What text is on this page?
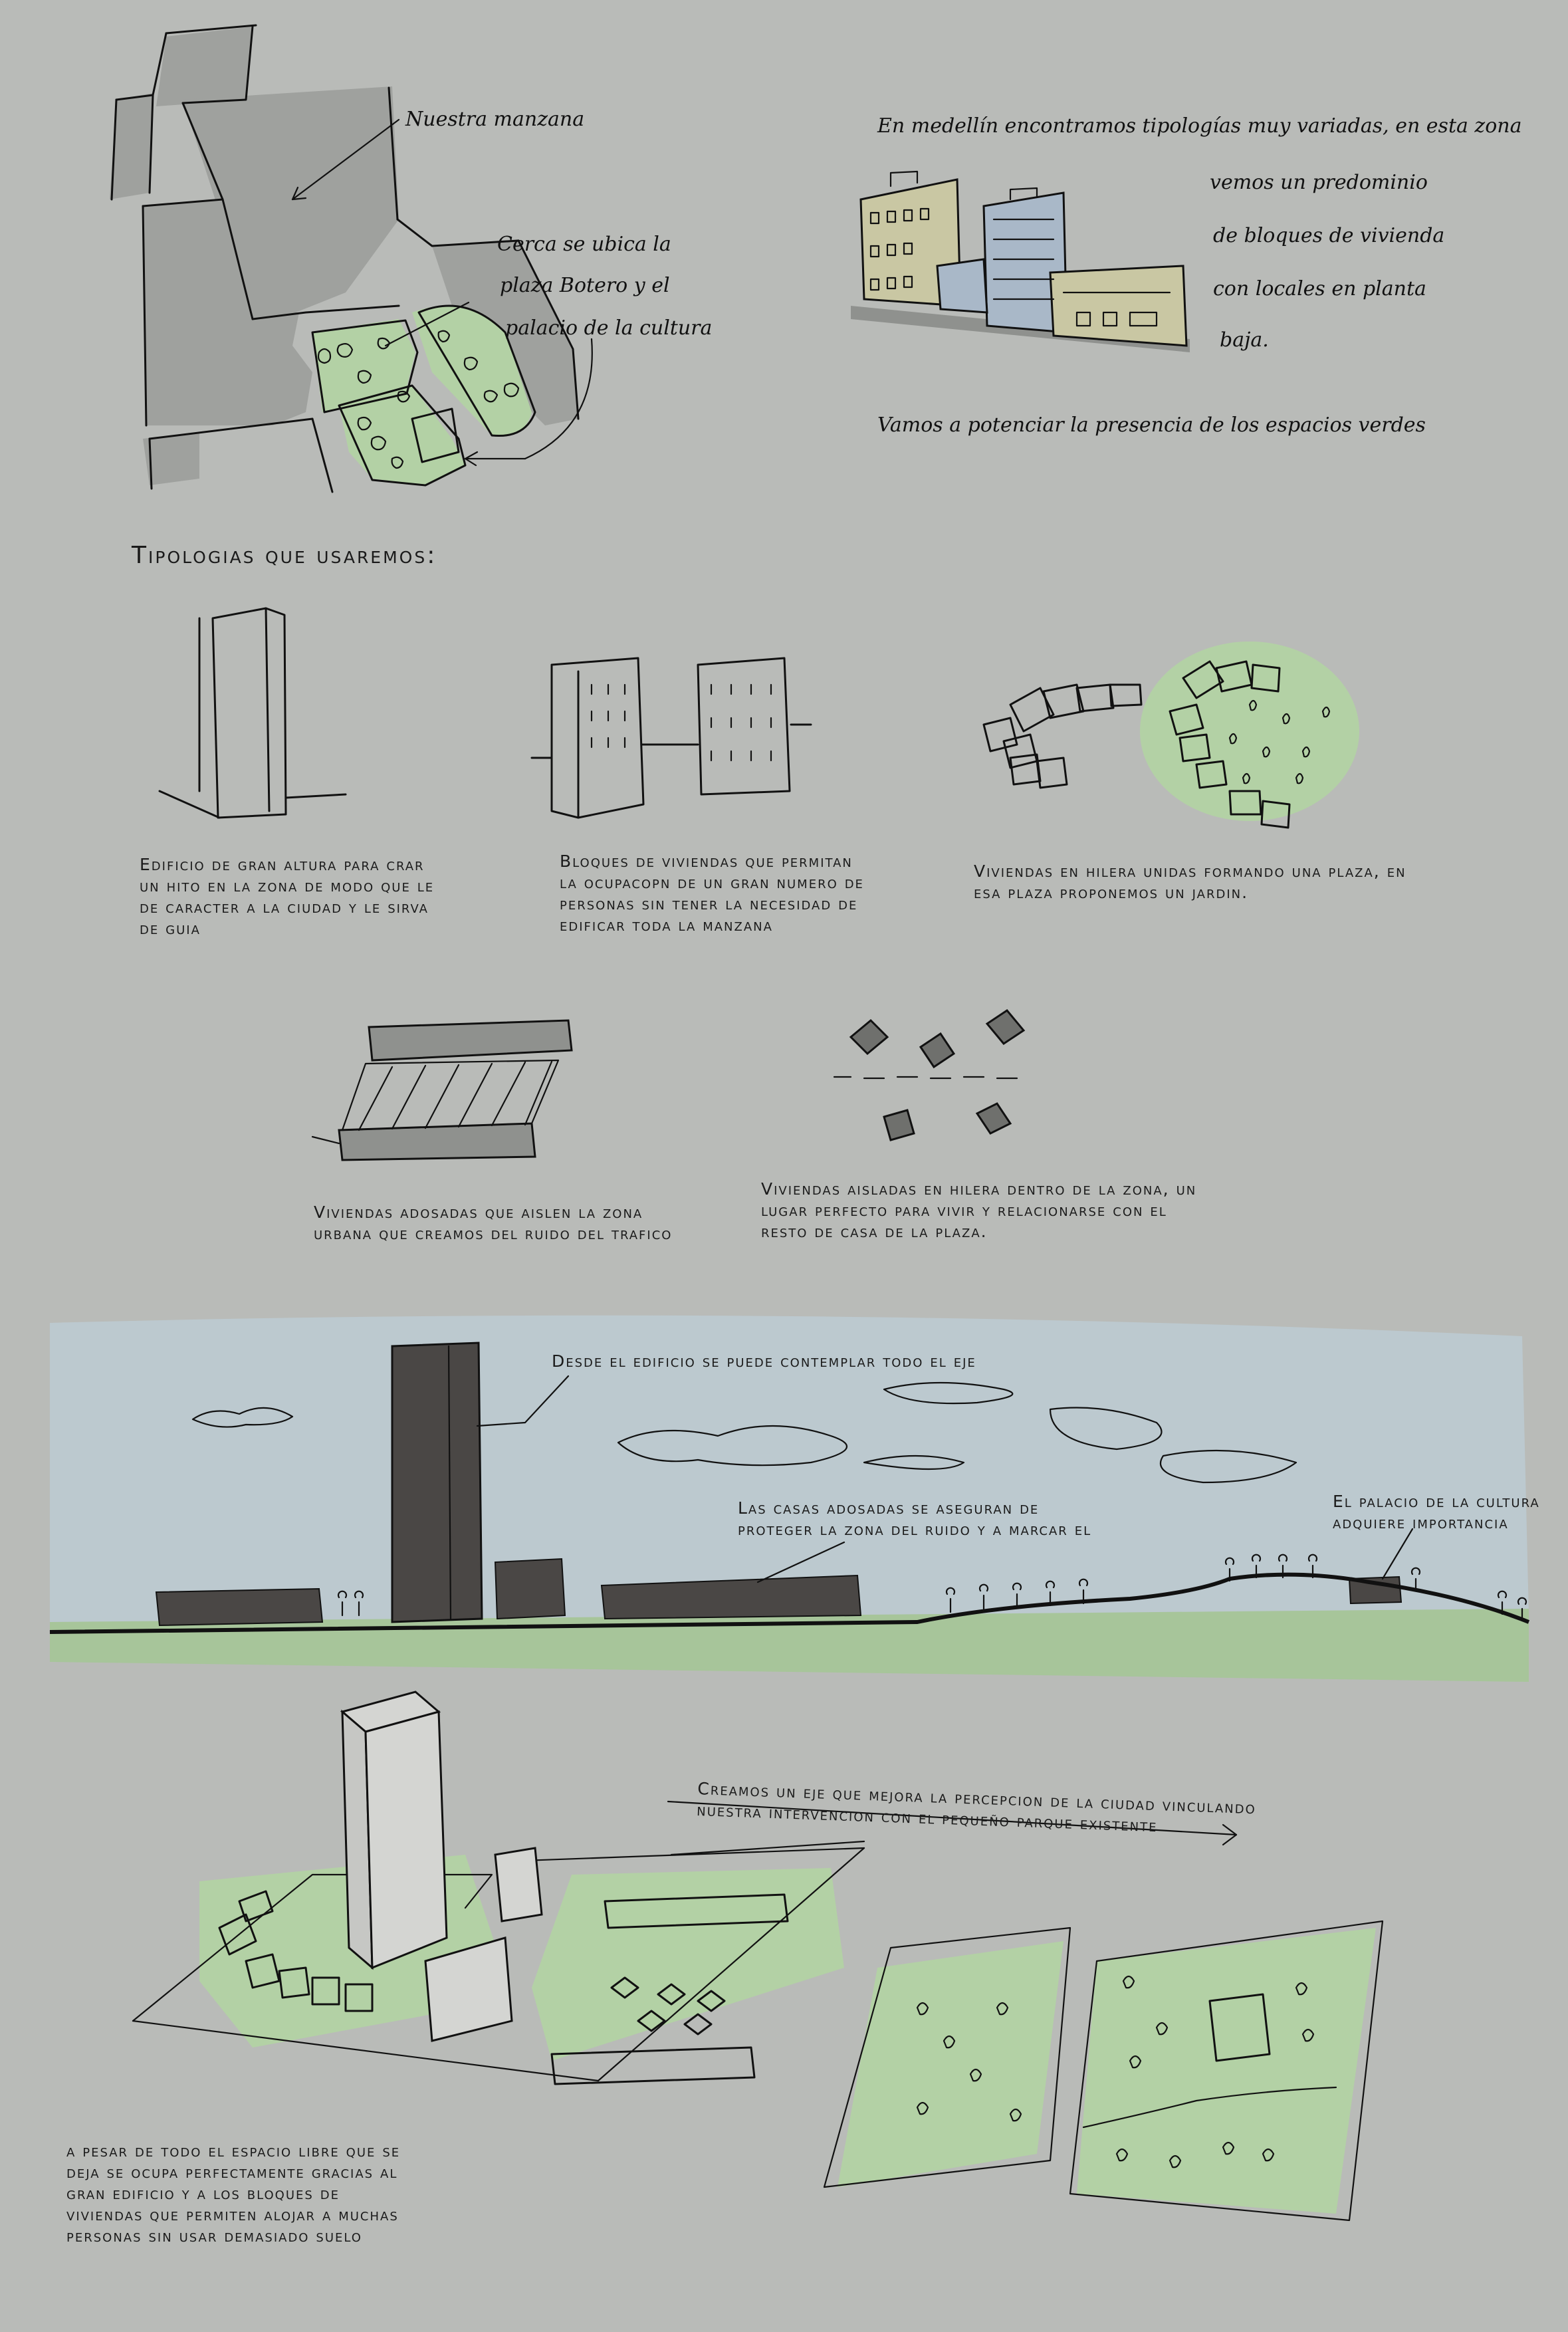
Nuestra manzana
Cerca se ubica la
plaza Botero y el
palacio de la cultura
En medellín encontramos tipologías muy variadas, en esta zona
vemos un predominio
de bloques de vivienda
con locales en planta
baja.
Vamos a potenciar la presencia de los espacios verdes
Tipologias que usaremos:
Edificio de gran altura para crar
un hito en la zona de modo que le
de caracter a la ciudad y le sirva
de guia
Bloques de viviendas que permitan
la ocupacopn de un gran numero de
personas sin tener la necesidad de
edificar toda la manzana
Viviendas en hilera unidas formando una plaza, en
esa plaza proponemos un jardin.
Viviendas adosadas que aislen la zona
urbana que creamos del ruido del trafico
Viviendas aisladas en hilera dentro de la zona, un
lugar perfecto para vivir y relacionarse con el
resto de casa de la plaza.
Desde el edificio se puede contemplar todo el eje
Las casas adosadas se aseguran de
proteger la zona del ruido y a marcar el
El palacio de la cultura
adquiere importancia
Creamos un eje que mejora la percepcion de la ciudad vinculando
nuestra intervencion con el pequeño parque existente
a pesar de todo el espacio libre que se
deja se ocupa perfectamente gracias al
gran edificio y a los bloques de
viviendas que permiten alojar a muchas
personas sin usar demasiado suelo
